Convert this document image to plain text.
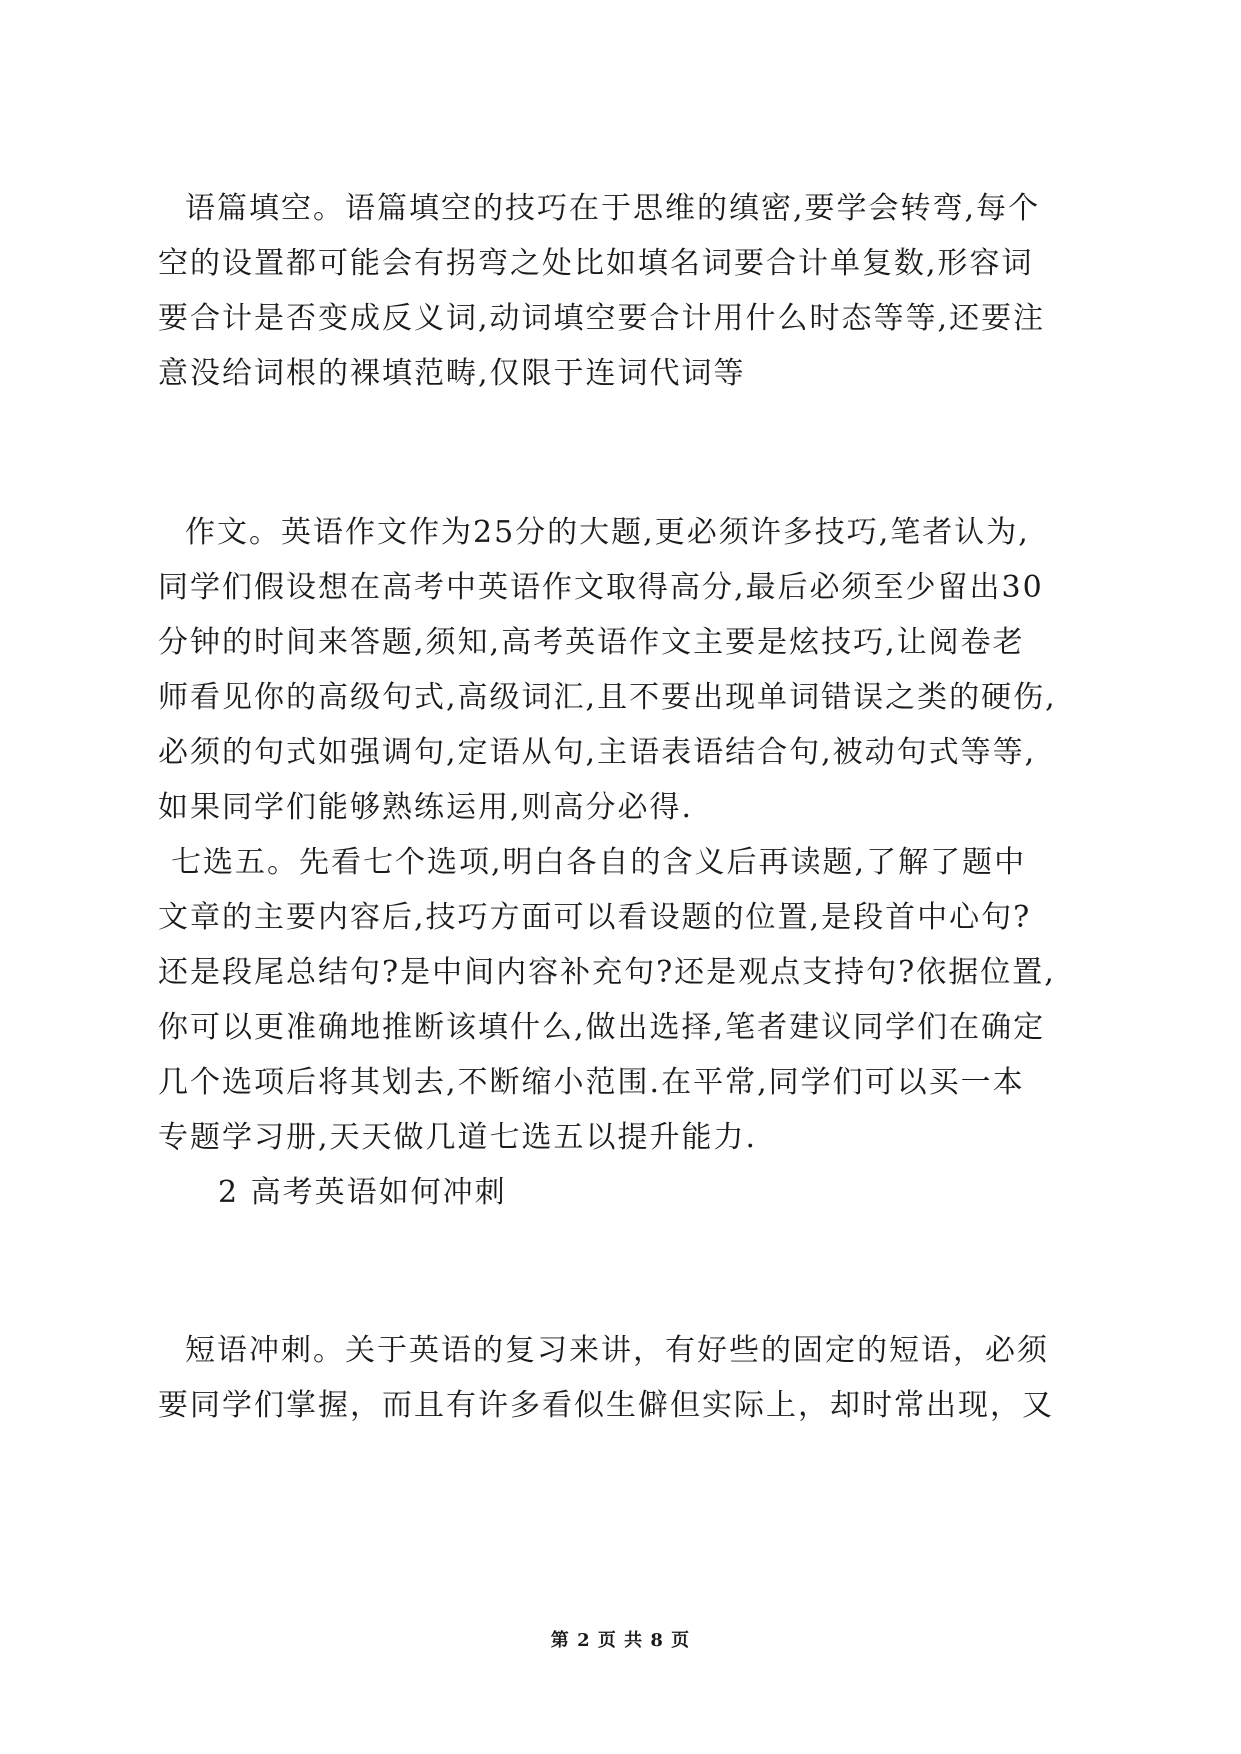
语篇填空。语篇填空的技巧在于思维的缜密,要学会转弯,每个
空的设置都可能会有拐弯之处比如填名词要合计单复数,形容词
要合计是否变成反义词,动词填空要合计用什么时态等等,还要注
意没给词根的裸填范畴,仅限于连词代词等
作文。英语作文作为25分的大题,更必须许多技巧,笔者认为,
同学们假设想在高考中英语作文取得高分,最后必须至少留出30
分钟的时间来答题,须知,高考英语作文主要是炫技巧,让阅卷老
师看见你的高级句式,高级词汇,且不要出现单词错误之类的硬伤,
必须的句式如强调句,定语从句,主语表语结合句,被动句式等等,
如果同学们能够熟练运用,则高分必得.
七选五。先看七个选项,明白各自的含义后再读题,了解了题中
文章的主要内容后,技巧方面可以看设题的位置,是段首中心句?
还是段尾总结句?是中间内容补充句?还是观点支持句?依据位置,
你可以更准确地推断该填什么,做出选择,笔者建议同学们在确定
几个选项后将其划去,不断缩小范围.在平常,同学们可以买一本
专题学习册,天天做几道七选五以提升能力.
2 高考英语如何冲刺
短语冲刺。关于英语的复习来讲，有好些的固定的短语，必须
要同学们掌握，而且有许多看似生僻但实际上，却时常出现，又
第 2 页 共 8 页
